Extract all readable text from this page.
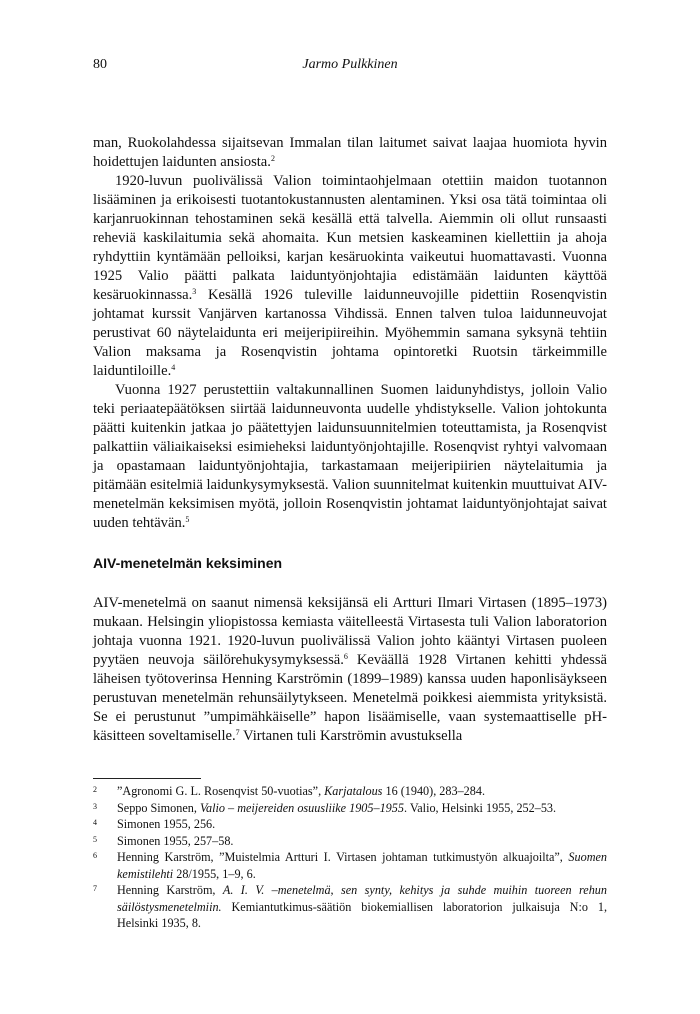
80	Jarmo Pulkkinen

man, Ruokolahdessa sijaitsevan Immalan tilan laitumet saivat laajaa huomiota hyvin hoidettujen laidunten ansiosta.$^2$

1920-luvun puolivälissä Valion toimintaohjelmaan otettiin maidon tuotannon lisääminen ja erikoisesti tuotantokustannusten alentaminen. Yksi osa tätä toimintaa oli karjanruokinnan tehostaminen sekä kesällä että talvella. Aiemmin oli ollut runsaasti reheviä kaskilaitumia sekä ahomaita. Kun metsien kaskeaminen kiellettiin ja ahoja ryhdyttiin kyntämään pelloiksi, karjan kesäruokinta vaikeutui huomattavasti. Vuonna 1925 Valio päätti palkata laiduntyönjohtajia edistämään laidunten käyttöä kesäruokinnassa.$^3$ Kesällä 1926 tuleville laidunneuvojille pidettiin Rosenqvistin johtamat kurssit Vanjärven kartanossa Vihdissä. Ennen talven tuloa laidunneuvojat perustivat 60 näytelaidunta eri meijeripiireihin. Myöhemmin samana syksynä tehtiin Valion maksama ja Rosenqvistin johtama opintoretki Ruotsin tärkeimmille laiduntiloille.$^4$

Vuonna 1927 perustettiin valtakunnallinen Suomen laidunyhdistys, jolloin Valio teki periaatepäätöksen siirtää laidunneuvonta uudelle yhdistykselle. Valion johtokunta päätti kuitenkin jatkaa jo päätettyjen laidunsuunnitelmien toteuttamista, ja Rosenqvist palkattiin väliaikaiseksi esimieheksi laiduntyönjohtajille. Rosenqvist ryhtyi valvomaan ja opastamaan laiduntyönjohtajia, tarkastamaan meijeripiirien näytelaitumia ja pitämään esitelmiä laidunkysymyksestä. Valion suunnitelmat kuitenkin muuttuivat AIV-menetelmän keksimisen myötä, jolloin Rosenqvistin johtamat laiduntyönjohtajat saivat uuden tehtävän.$^5$

AIV-menetelmän keksiminen

AIV-menetelmä on saanut nimensä keksijänsä eli Artturi Ilmari Virtasen (1895–1973) mukaan. Helsingin yliopistossa kemiasta väitelleestä Virtasesta tuli Valion laboratorion johtaja vuonna 1921. 1920-luvun puolivälissä Valion johto kääntyi Virtasen puoleen pyytäen neuvoja säilörehukysymyksessä.$^6$ Keväällä 1928 Virtanen kehitti yhdessä läheisen työtoverinsa Henning Karströmin (1899–1989) kanssa uuden haponlisäykseen perustuvan menetelmän rehunsäilytykseen. Menetelmä poikkesi aiemmista yrityksistä. Se ei perustunut ”umpimähkäiselle” hapon lisäämiselle, vaan systemaattiselle pH-käsitteen soveltamiselle.$^7$ Virtanen tuli Karströmin avustuksella

2 ”Agronomi G. L. Rosenqvist 50-vuotias”, Karjatalous 16 (1940), 283–284.

3 Seppo Simonen, Valio – meijereiden osuusliike 1905–1955. Valio, Helsinki 1955, 252–53.

4 Simonen 1955, 256.

5 Simonen 1955, 257–58.

6 Henning Karström, ”Muistelmia Artturi I. Virtasen johtaman tutkimustyön alkuajoilta”, Suomen kemistilehti 28/1955, 1–9, 6.

7 Henning Karström, A. I. V. –menetelmä, sen synty, kehitys ja suhde muihin tuoreen rehun säilöstysmenetelmiin. Kemiantutkimus-säätiön biokemiallisen laboratorion julkaisuja N:o 1, Helsinki 1935, 8.
